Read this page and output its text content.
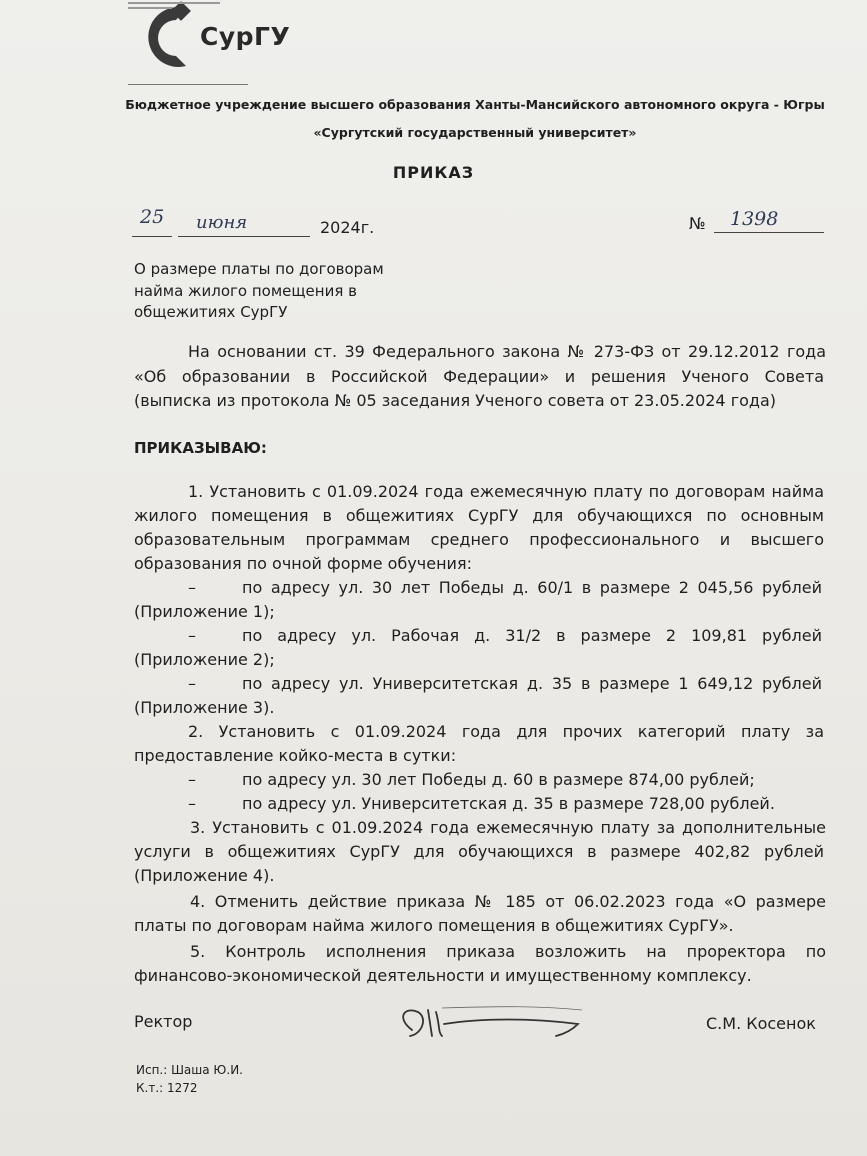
СурГУ
Бюджетное учреждение высшего образования Ханты-Мансийского автономного округа - Югры
«Сургутский государственный университет»
ПРИКАЗ
25 июня	2024г.	№ 1398
О размере платы по договорам
найма жилого помещения в
общежитиях СурГУ
На основании ст. 39 Федерального закона № 273-ФЗ от 29.12.2012 года
«Об образовании в Российской Федерации» и решения Ученого Совета
(выписка из протокола № 05 заседания Ученого совета от 23.05.2024 года)
ПРИКАЗЫВАЮ:
1. Установить с 01.09.2024 года ежемесячную плату по договорам найма
жилого помещения в общежитиях СурГУ для обучающихся по основным
образовательным программам среднего профессионального и высшего
образования по очной форме обучения:
–	по адресу ул. 30 лет Победы д. 60/1 в размере 2 045,56 рублей
(Приложение 1);
–	по адресу ул. Рабочая д. 31/2 в размере 2 109,81 рублей
(Приложение 2);
–	по адресу ул. Университетская д. 35 в размере 1 649,12 рублей
(Приложение 3).
2. Установить с 01.09.2024 года для прочих категорий плату за
предоставление койко-места в сутки:
–	по адресу ул. 30 лет Победы д. 60 в размере 874,00 рублей;
–	по адресу ул. Университетская д. 35 в размере 728,00 рублей.
3. Установить с 01.09.2024 года ежемесячную плату за дополнительные
услуги в общежитиях СурГУ для обучающихся в размере 402,82 рублей
(Приложение 4).
4. Отменить действие приказа № 185 от 06.02.2023 года «О размере
платы по договорам найма жилого помещения в общежитиях СурГУ».
5. Контроль исполнения приказа возложить на проректора по
финансово-экономической деятельности и имущественному комплексу.
Ректор	С.М. Косенок
Исп.: Шаша Ю.И.
К.т.: 1272
